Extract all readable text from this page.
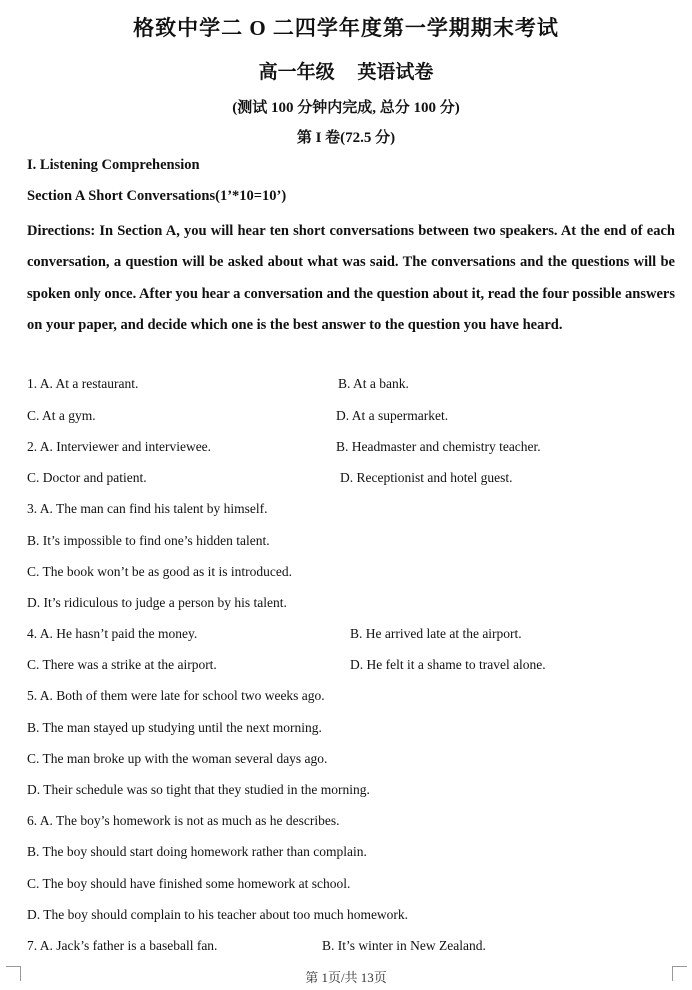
格致中学二 O 二四学年度第一学期期末考试
高一年级 英语试卷
(测试 100 分钟内完成, 总分 100 分)
第 I 卷(72.5 分)
I. Listening Comprehension
Section A Short Conversations(1’*10=10’)
Directions: In Section A, you will hear ten short conversations between two speakers. At the end of each conversation, a question will be asked about what was said. The conversations and the questions will be spoken only once. After you hear a conversation and the question about it, read the four possible answers on your paper, and decide which one is the best answer to the question you have heard.
1. A. At a restaurant.	B. At a bank.
C. At a gym.	D. At a supermarket.
2. A. Interviewer and interviewee.	B. Headmaster and chemistry teacher.
C. Doctor and patient.	D. Receptionist and hotel guest.
3. A. The man can find his talent by himself.
B. It’s impossible to find one’s hidden talent.
C. The book won’t be as good as it is introduced.
D. It’s ridiculous to judge a person by his talent.
4. A. He hasn’t paid the money.	B. He arrived late at the airport.
C. There was a strike at the airport.	D. He felt it a shame to travel alone.
5. A. Both of them were late for school two weeks ago.
B. The man stayed up studying until the next morning.
C. The man broke up with the woman several days ago.
D. Their schedule was so tight that they studied in the morning.
6. A. The boy’s homework is not as much as he describes.
B. The boy should start doing homework rather than complain.
C. The boy should have finished some homework at school.
D. The boy should complain to his teacher about too much homework.
7. A. Jack’s father is a baseball fan.	B. It’s winter in New Zealand.
第 1页/共 13页
